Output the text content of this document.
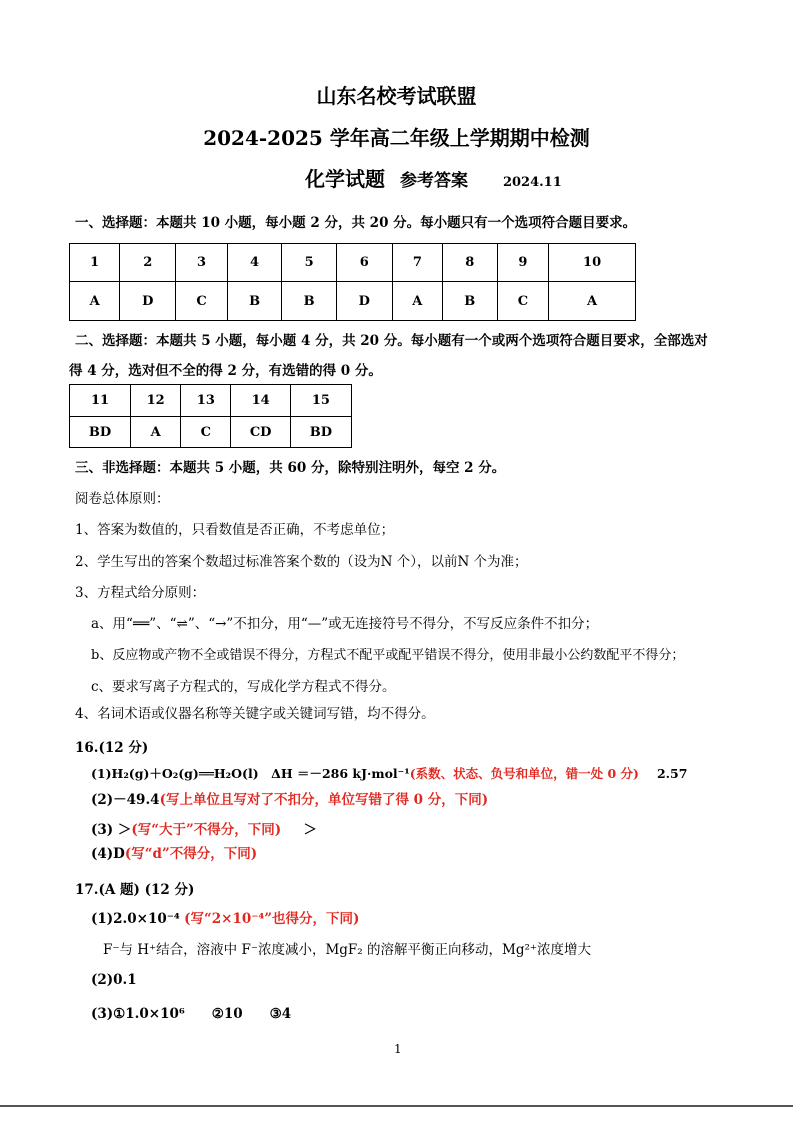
山东名校考试联盟
2024-2025 学年高二年级上学期期中检测
化学试题 参考答案	2024.11
一、选择题：本题共 10 小题，每小题 2 分，共 20 分。每小题只有一个选项符合题目要求。
1	2	3	4	5	6	7	8	9	10
A	D	C	B	B	D	A	B	C	A
二、选择题：本题共 5 小题，每小题 4 分，共 20 分。每小题有一个或两个选项符合题目要求，全部选对
得 4 分，选对但不全的得 2 分，有选错的得 0 分。
11	12	13	14	15
BD	A	C	CD	BD
三、非选择题：本题共 5 小题，共 60 分，除特别注明外，每空 2 分。
阅卷总体原则：
1、答案为数值的，只看数值是否正确，不考虑单位；
2、学生写出的答案个数超过标准答案个数的（设为N 个），以前N 个为准；
3、方程式给分原则：
a、用“══”、“⇌”、“→”不扣分，用“—”或无连接符号不得分，不写反应条件不扣分；
b、反应物或产物不全或错误不得分，方程式不配平或配平错误不得分，使用非最小公约数配平不得分；
c、要求写离子方程式的，写成化学方程式不得分。
4、名词术语或仪器名称等关键字或关键词写错，均不得分。
16.(12 分)
(1)H₂(g)＋O₂(g)══H₂O(l)　ΔH ＝－286 kJ·mol⁻¹(系数、状态、负号和单位，错一处 0 分) 2.57
(2)－49.4(写上单位且写对了不扣分，单位写错了得 0 分，下同)
(3) ＞(写“大于”不得分，下同) ＞
(4)D(写“d”不得分，下同)
17.(A 题) (12 分)
(1)2.0×10⁻⁴ (写“2×10⁻⁴”也得分，下同)
F⁻与 H⁺结合，溶液中 F⁻浓度减小，MgF₂ 的溶解平衡正向移动，Mg²⁺浓度增大
(2)0.1
(3)①1.0×10⁶　　②10　　③4
1
